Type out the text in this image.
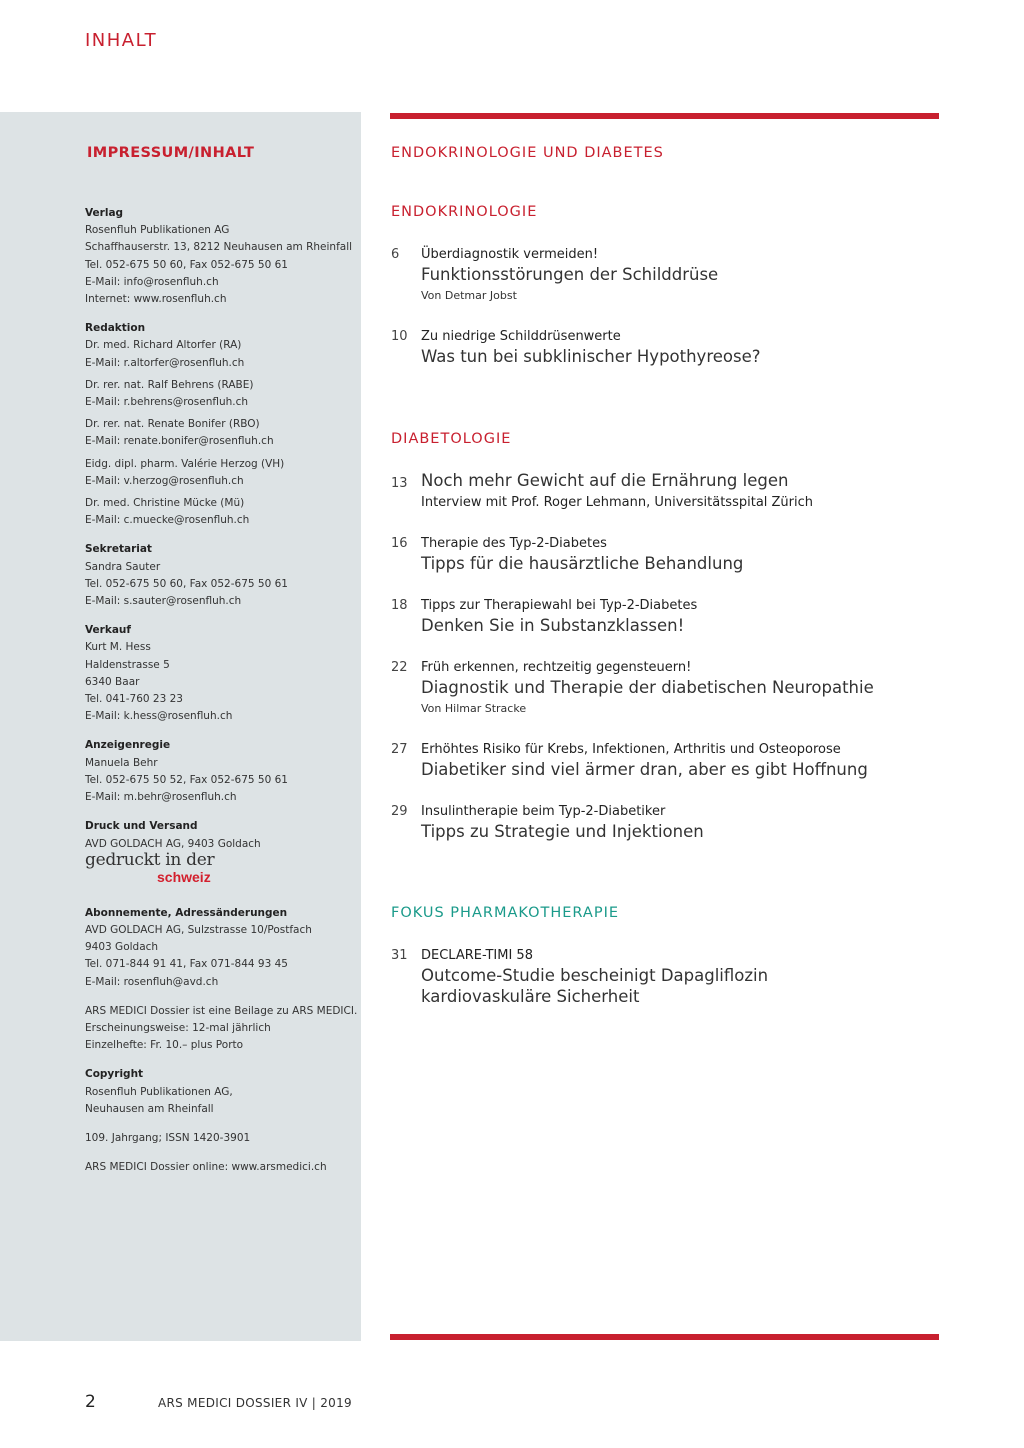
INHALT
IMPRESSUM/INHALT
Verlag
Rosenfluh Publikationen AG
Schaffhauserstr. 13, 8212 Neuhausen am Rheinfall
Tel. 052-675 50 60, Fax 052-675 50 61
E-Mail: info@rosenfluh.ch
Internet: www.rosenfluh.ch
Redaktion
Dr. med. Richard Altorfer (RA)
E-Mail: r.altorfer@rosenfluh.ch
Dr. rer. nat. Ralf Behrens (RABE)
E-Mail: r.behrens@rosenfluh.ch
Dr. rer. nat. Renate Bonifer (RBO)
E-Mail: renate.bonifer@rosenfluh.ch
Eidg. dipl. pharm. Valérie Herzog (VH)
E-Mail: v.herzog@rosenfluh.ch
Dr. med. Christine Mücke (Mü)
E-Mail: c.muecke@rosenfluh.ch
Sekretariat
Sandra Sauter
Tel. 052-675 50 60, Fax 052-675 50 61
E-Mail: s.sauter@rosenfluh.ch
Verkauf
Kurt M. Hess
Haldenstrasse 5
6340 Baar
Tel. 041-760 23 23
E-Mail: k.hess@rosenfluh.ch
Anzeigenregie
Manuela Behr
Tel. 052-675 50 52, Fax 052-675 50 61
E-Mail: m.behr@rosenfluh.ch
Druck und Versand
AVD GOLDACH AG, 9403 Goldach
gedruckt in der
schweiz
Abonnemente, Adressänderungen
AVD GOLDACH AG, Sulzstrasse 10/Postfach
9403 Goldach
Tel. 071-844 91 41, Fax 071-844 93 45
E-Mail: rosenfluh@avd.ch
ARS MEDICI Dossier ist eine Beilage zu ARS MEDICI.
Erscheinungsweise: 12-mal jährlich
Einzelhefte: Fr. 10.– plus Porto
Copyright
Rosenfluh Publikationen AG,
Neuhausen am Rheinfall
109. Jahrgang; ISSN 1420-3901
ARS MEDICI Dossier online: www.arsmedici.ch
ENDOKRINOLOGIE UND DIABETES
ENDOKRINOLOGIE
6 Überdiagnostik vermeiden!
Funktionsstörungen der Schilddrüse
Von Detmar Jobst
10 Zu niedrige Schilddrüsenwerte
Was tun bei subklinischer Hypothyreose?
DIABETOLOGIE
13 Noch mehr Gewicht auf die Ernährung legen
Interview mit Prof. Roger Lehmann, Universitätsspital Zürich
16 Therapie des Typ-2-Diabetes
Tipps für die hausärztliche Behandlung
18 Tipps zur Therapiewahl bei Typ-2-Diabetes
Denken Sie in Substanzklassen!
22 Früh erkennen, rechtzeitig gegensteuern!
Diagnostik und Therapie der diabetischen Neuropathie
Von Hilmar Stracke
27 Erhöhtes Risiko für Krebs, Infektionen, Arthritis und Osteoporose
Diabetiker sind viel ärmer dran, aber es gibt Hoffnung
29 Insulintherapie beim Typ-2-Diabetiker
Tipps zu Strategie und Injektionen
FOKUS PHARMAKOTHERAPIE
31 DECLARE-TIMI 58
Outcome-Studie bescheinigt Dapagliflozin
kardiovaskuläre Sicherheit
2	ARS MEDICI DOSSIER IV | 2019
